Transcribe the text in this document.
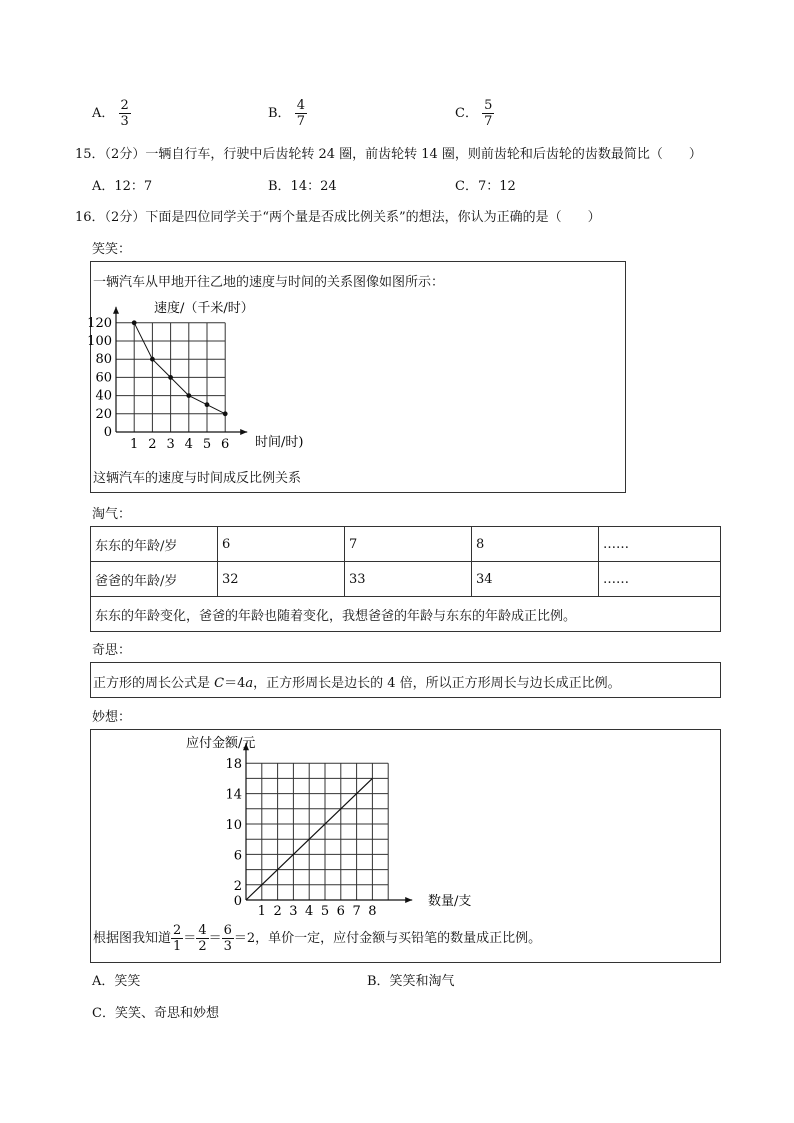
A． $\frac{2}{3}$	B． $\frac{4}{7}$	C． $\frac{5}{7}$
15．（2分）一辆自行车，行驶中后齿轮转 24 圈，前齿轮转 14 圈，则前齿轮和后齿轮的齿数最简比（　　）
A．12：7	B．14：24	C．7：12
16．（2分）下面是四位同学关于“两个量是否成比例关系”的想法，你认为正确的是（　　）
笑笑：
一辆汽车从甲地开往乙地的速度与时间的关系图像如图所示：
120
100
80
60
40
20
0
1 2 3 4 5 6
速度/（千米/时）
时间/时)
这辆汽车的速度与时间成反比例关系
淘气：
东东的年龄/岁	6	7	8	……
爸爸的年龄/岁	32	33	34	……
东东的年龄变化，爸爸的年龄也随着变化，我想爸爸的年龄与东东的年龄成正比例。				
奇思：
正方形的周长公式是 C＝4a，正方形周长是边长的 4 倍，所以正方形周长与边长成正比例。
妙想：
18
14
10
6
2
0
1 2 3 4 5 6 7 8
应付金额/元
数量/支
根据图我知道 $\frac{2}{1} = \frac{4}{2} = \frac{6}{3} =2$，单价一定，应付金额与买铅笔的数量成正比例。
A．笑笑	B．笑笑和淘气
C．笑笑、奇思和妙想
